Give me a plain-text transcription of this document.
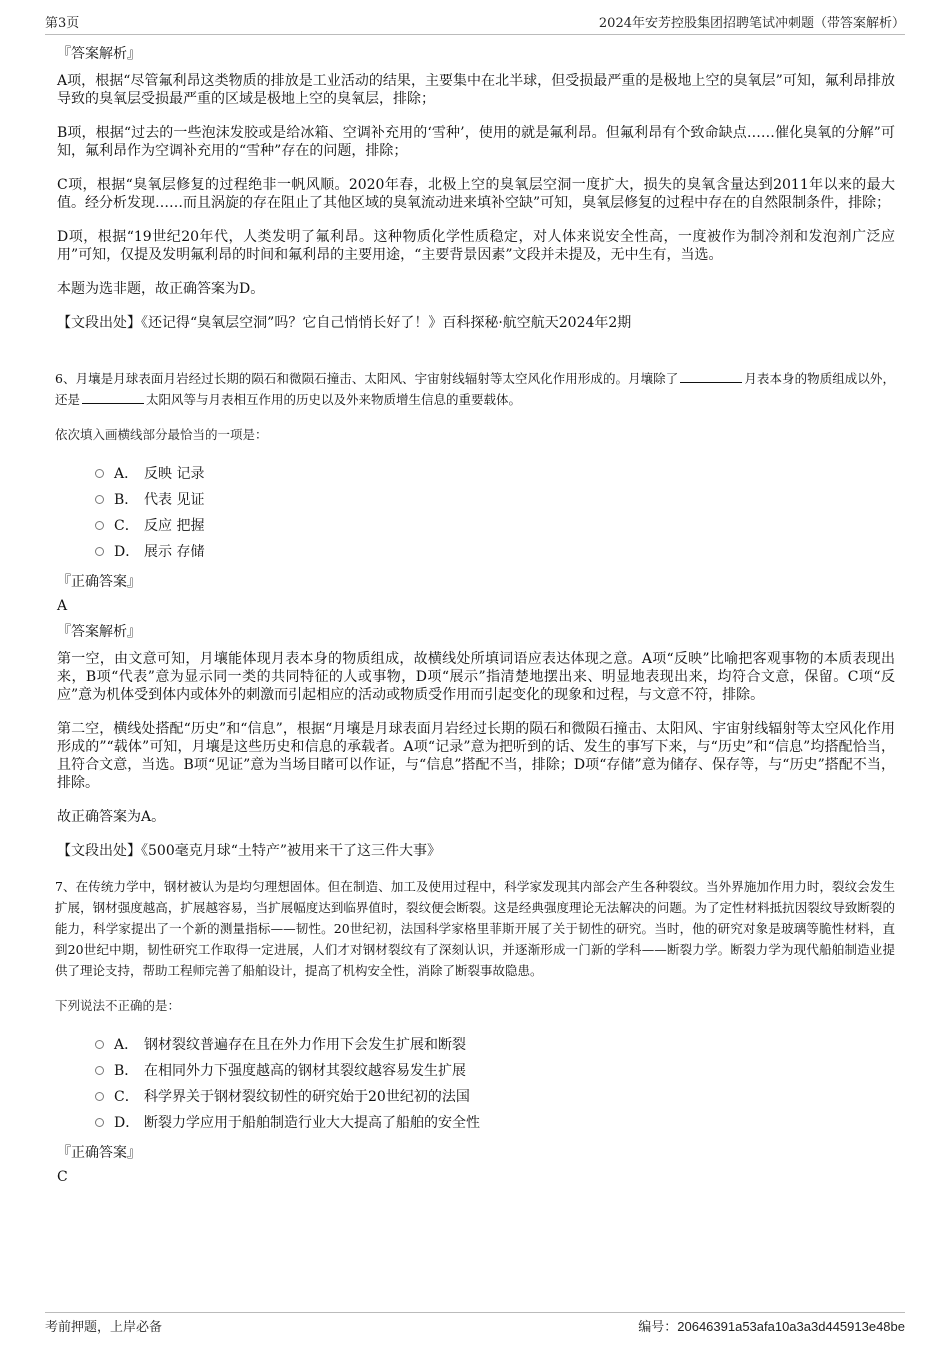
第3页	2024年安芳控股集团招聘笔试冲刺题（带答案解析）
『答案解析』

A项，根据“尽管氟利昂这类物质的排放是工业活动的结果，主要集中在北半球，但受损最严重的是极地上空的臭氧层”可知，氟利昂排放导致的臭氧层受损最严重的区域是极地上空的臭氧层，排除；

B项，根据“过去的一些泡沫发胶或是给冰箱、空调补充用的‘雪种’，使用的就是氟利昂。但氟利昂有个致命缺点……催化臭氧的分解”可知，氟利昂作为空调补充用的“雪种”存在的问题，排除；

C项，根据“臭氧层修复的过程绝非一帆风顺。2020年春，北极上空的臭氧层空洞一度扩大，损失的臭氧含量达到2011年以来的最大值。经分析发现……而且涡旋的存在阻止了其他区域的臭氧流动进来填补空缺”可知，臭氧层修复的过程中存在的自然限制条件，排除；

D项，根据“19世纪20年代，人类发明了氟利昂。这种物质化学性质稳定，对人体来说安全性高，一度被作为制冷剂和发泡剂广泛应用”可知，仅提及发明氟利昂的时间和氟利昂的主要用途，“主要背景因素”文段并未提及，无中生有，当选。

本题为选非题，故正确答案为D。

【文段出处】《还记得“臭氧层空洞”吗？它自己悄悄长好了！》百科探秘·航空航天2024年2期

6、月壤是月球表面月岩经过长期的陨石和微陨石撞击、太阳风、宇宙射线辐射等太空风化作用形成的。月壤除了	月表本身的物质组成以外，还是	太阳风等与月表相互作用的历史以及外来物质增生信息的重要载体。

依次填入画横线部分最恰当的一项是：

A． 反映 记录
B． 代表 见证
C． 反应 把握
D． 展示 存储
『正确答案』
A
『答案解析』

第一空，由文意可知，月壤能体现月表本身的物质组成，故横线处所填词语应表达体现之意。A项“反映”比喻把客观事物的本质表现出来，B项“代表”意为显示同一类的共同特征的人或事物，D项“展示”指清楚地摆出来、明显地表现出来，均符合文意，保留。C项“反应”意为机体受到体内或体外的刺激而引起相应的活动或物质受作用而引起变化的现象和过程，与文意不符，排除。

第二空，横线处搭配“历史”和“信息”，根据“月壤是月球表面月岩经过长期的陨石和微陨石撞击、太阳风、宇宙射线辐射等太空风化作用形成的”“载体”可知，月壤是这些历史和信息的承载者。A项“记录”意为把听到的话、发生的事写下来，与“历史”和“信息”均搭配恰当，且符合文意，当选。B项“见证”意为当场目睹可以作证，与“信息”搭配不当，排除；D项“存储”意为储存、保存等，与“历史”搭配不当，排除。

故正确答案为A。

【文段出处】《500毫克月球“土特产”被用来干了这三件大事》

7、在传统力学中，钢材被认为是均匀理想固体。但在制造、加工及使用过程中，科学家发现其内部会产生各种裂纹。当外界施加作用力时，裂纹会发生扩展，钢材强度越高，扩展越容易，当扩展幅度达到临界值时，裂纹便会断裂。这是经典强度理论无法解决的问题。为了定性材料抵抗因裂纹导致断裂的能力，科学家提出了一个新的测量指标——韧性。20世纪初，法国科学家格里菲斯开展了关于韧性的研究。当时，他的研究对象是玻璃等脆性材料，直到20世纪中期，韧性研究工作取得一定进展，人们才对钢材裂纹有了深刻认识，并逐渐形成一门新的学科——断裂力学。断裂力学为现代船舶制造业提供了理论支持，帮助工程师完善了船舶设计，提高了机构安全性，消除了断裂事故隐患。

下列说法不正确的是：

A． 钢材裂纹普遍存在且在外力作用下会发生扩展和断裂
B． 在相同外力下强度越高的钢材其裂纹越容易发生扩展
C． 科学界关于钢材裂纹韧性的研究始于20世纪初的法国
D． 断裂力学应用于船舶制造行业大大提高了船舶的安全性
『正确答案』
C
考前押题，上岸必备	编号：20646391a53afa10a3a3d445913e48be
